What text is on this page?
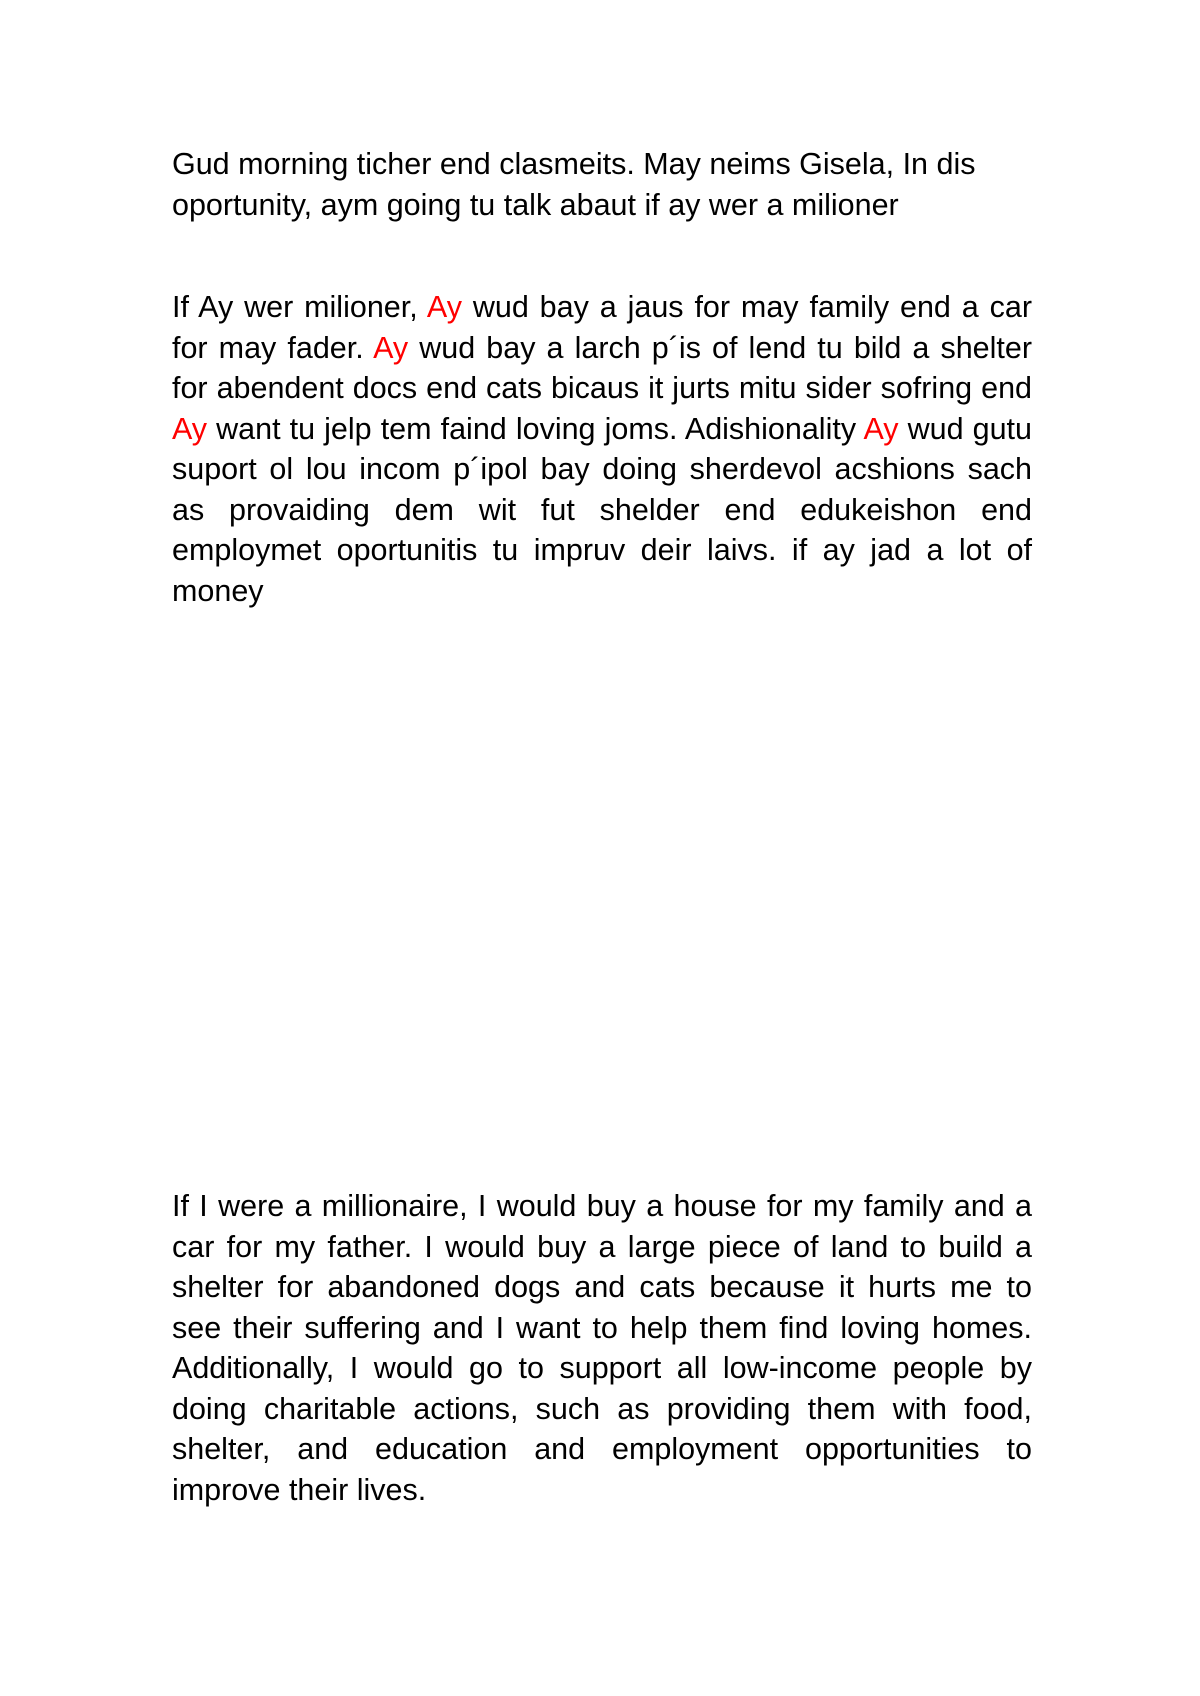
Gud morning ticher end clasmeits. May neims Gisela, In dis oportunity, aym going tu talk abaut if ay wer a milioner

If Ay wer milioner, Ay wud bay a jaus for may family end a car for may fader. Ay wud bay a larch p´is of lend tu bild a shelter for abendent docs end cats bicaus it jurts mitu sider sofring end Ay want tu jelp tem faind loving joms. Adishionality Ay wud gutu suport ol lou incom p´ipol bay doing sherdevol acshions sach as provaiding dem wit fut shelder end edukeishon end employmet oportunitis tu impruv deir laivs. if ay jad a lot of money

If I were a millionaire, I would buy a house for my family and a car for my father. I would buy a large piece of land to build a shelter for abandoned dogs and cats because it hurts me to see their suffering and I want to help them find loving homes. Additionally, I would go to support all low-income people by doing charitable actions, such as providing them with food, shelter, and education and employment opportunities to improve their lives.
